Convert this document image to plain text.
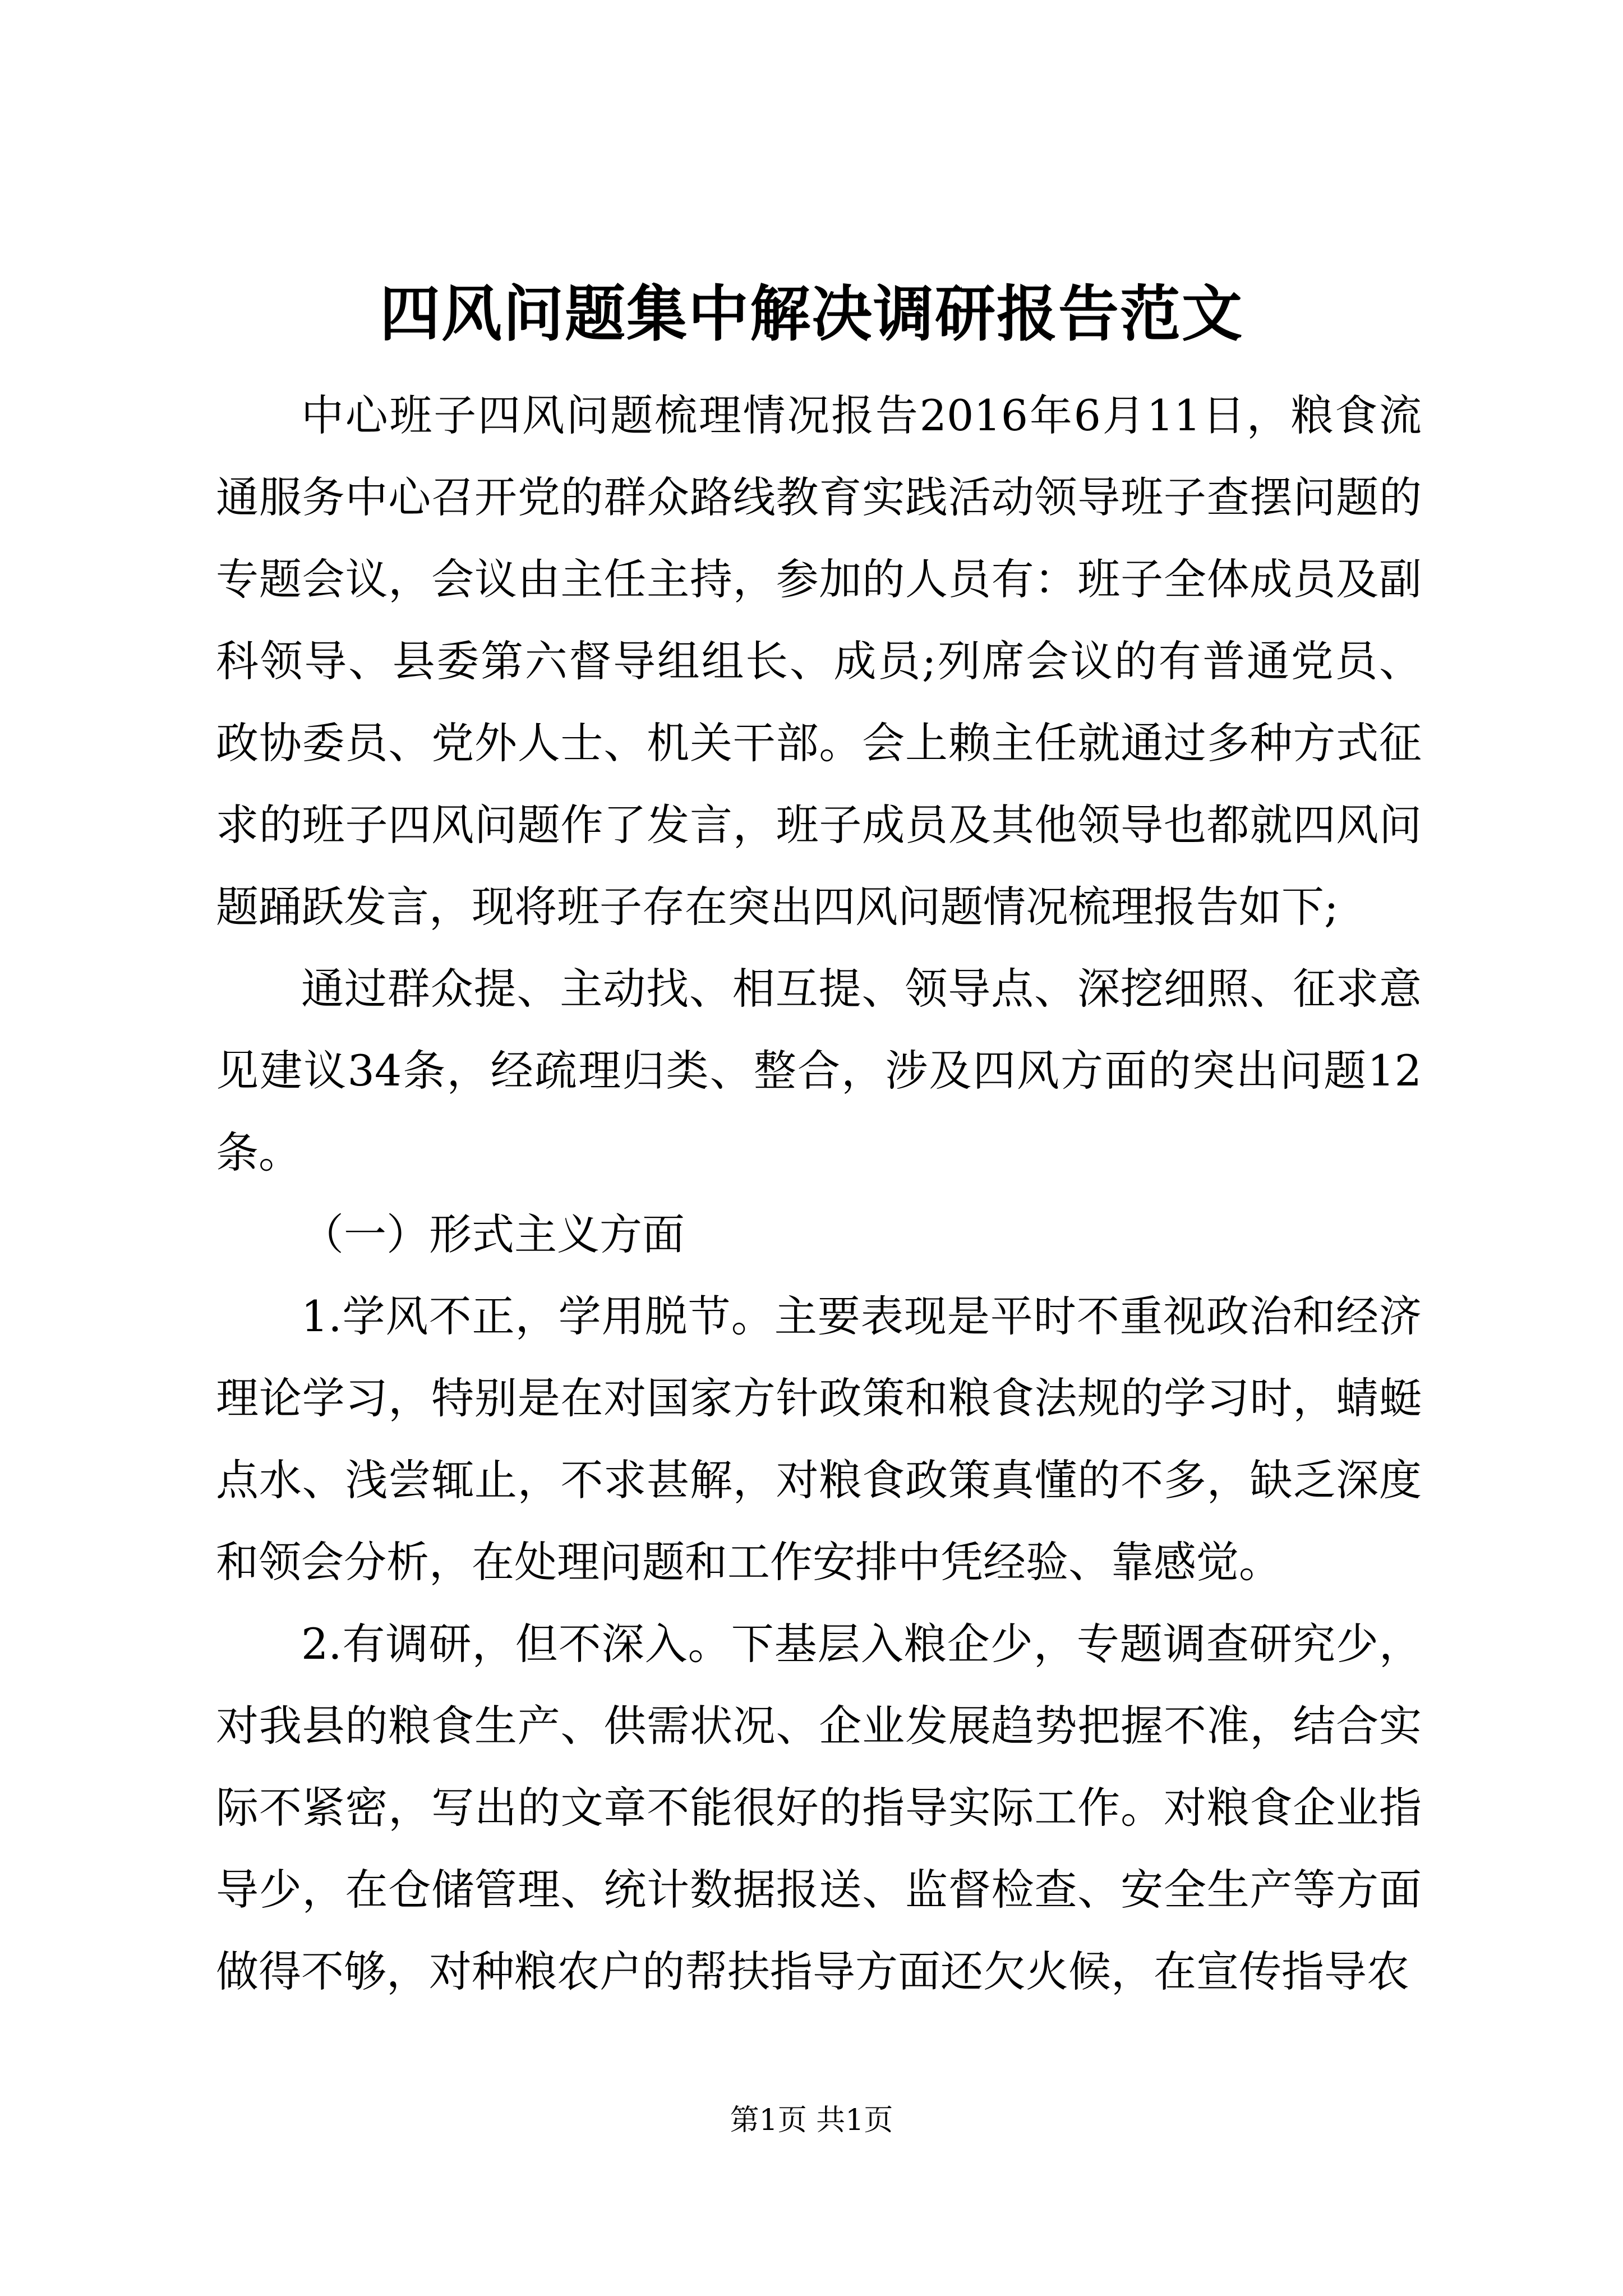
四风问题集中解决调研报告范文

中心班子四风问题梳理情况报告2016年6月11日，粮食流通服务中心召开党的群众路线教育实践活动领导班子查摆问题的专题会议，会议由主任主持，参加的人员有：班子全体成员及副科领导、县委第六督导组组长、成员;列席会议的有普通党员、政协委员、党外人士、机关干部。会上赖主任就通过多种方式征求的班子四风问题作了发言，班子成员及其他领导也都就四风问题踊跃发言，现将班子存在突出四风问题情况梳理报告如下;

通过群众提、主动找、相互提、领导点、深挖细照、征求意见建议34条，经疏理归类、整合，涉及四风方面的突出问题12条。

（一）形式主义方面

1.学风不正，学用脱节。主要表现是平时不重视政治和经济理论学习，特别是在对国家方针政策和粮食法规的学习时，蜻蜓点水、浅尝辄止，不求甚解，对粮食政策真懂的不多，缺乏深度和领会分析，在处理问题和工作安排中凭经验、靠感觉。

2.有调研，但不深入。下基层入粮企少，专题调查研究少，对我县的粮食生产、供需状况、企业发展趋势把握不准，结合实际不紧密，写出的文章不能很好的指导实际工作。对粮食企业指导少，在仓储管理、统计数据报送、监督检查、安全生产等方面做得不够，对种粮农户的帮扶指导方面还欠火候，在宣传指导农

第1页 共1页
